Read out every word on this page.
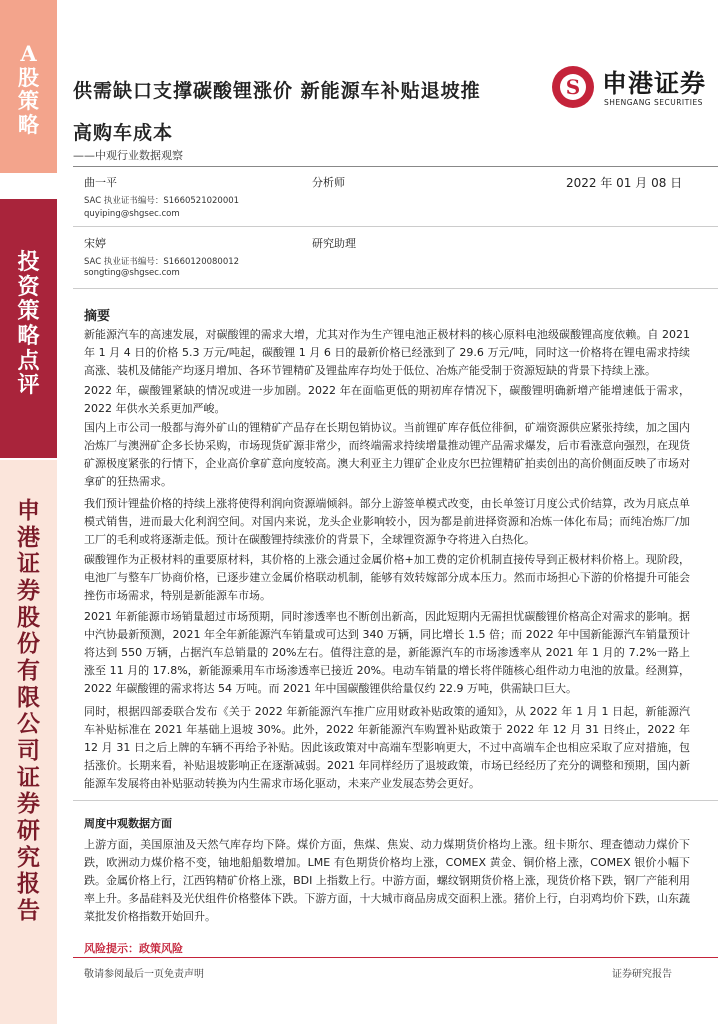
A
股
策
略
投
资
策
略
点
评
申
港
证
券
股
份
有
限
公
司
证
券
研
究
报
告
供需缺口支撑碳酸锂涨价 新能源车补贴退坡推
高购车成本
——中观行业数据观察
S 申港证券
SHENGANG SECURITIES
曲一平	分析师	2022 年 01 月 08 日
SAC 执业证书编号：S1660521020001
quyiping@shgsec.com
宋婷	研究助理
SAC 执业证书编号：S1660120080012
songting@shgsec.com
摘要

新能源汽车的高速发展，对碳酸锂的需求大增，尤其对作为生产锂电池正极材料的核心原料电池级碳酸锂高度依赖。自 2021 年 1 月 4 日的价格 5.3 万元/吨起，碳酸锂 1 月 6 日的最新价格已经涨到了 29.6 万元/吨，同时这一价格将在锂电需求持续高涨、装机及储能产均逐月增加、各环节锂精矿及锂盐库存均处于低位、冶炼产能受制于资源短缺的背景下持续上涨。

2022 年，碳酸锂紧缺的情况或进一步加剧。2022 年在面临更低的期初库存情况下，碳酸锂明确新增产能增速低于需求，2022 年供水关系更加严峻。

国内上市公司一般都与海外矿山的锂精矿产品存在长期包销协议。当前锂矿库存低位徘徊，矿端资源供应紧张持续，加之国内冶炼厂与澳洲矿企多长协采购，市场现货矿源非常少，而终端需求持续增量推动锂产品需求爆发，后市看涨意向强烈，在现货矿源极度紧张的行情下，企业高价拿矿意向度较高。澳大利亚主力锂矿企业皮尔巴拉锂精矿拍卖创出的高价侧面反映了市场对拿矿的狂热需求。

我们预计锂盐价格的持续上涨将使得利润向资源端倾斜。部分上游签单模式改变，由长单签订月度公式价结算，改为月底点单模式销售，进而最大化利润空间。对国内来说，龙头企业影响较小，因为都是前进择资源和冶炼一体化布局；而纯冶炼厂/加工厂的毛利或将逐渐走低。预计在碳酸锂持续涨价的背景下，全球锂资源争夺将进入白热化。

碳酸锂作为正极材料的重要原材料，其价格的上涨会通过金属价格+加工费的定价机制直接传导到正极材料价格上。现阶段，电池厂与整车厂协商价格，已逐步建立金属价格联动机制，能够有效转嫁部分成本压力。然而市场担心下游的价格提升可能会挫伤市场需求，特别是新能源车市场。

2021 年新能源市场销量超过市场预期，同时渗透率也不断创出新高，因此短期内无需担忧碳酸锂价格高企对需求的影响。据中汽协最新预测，2021 年全年新能源汽车销量或可达到 340 万辆，同比增长 1.5 倍；而 2022 年中国新能源汽车销量预计将达到 550 万辆，占据汽车总销量的 20%左右。值得注意的是，新能源汽车的市场渗透率从 2021 年 1 月的 7.2%一路上涨至 11 月的 17.8%，新能源乘用车市场渗透率已接近 20%。电动车销量的增长将伴随核心组件动力电池的放量。经测算，2022 年碳酸锂的需求将达 54 万吨。而 2021 年中国碳酸锂供给量仅约 22.9 万吨，供需缺口巨大。

同时，根据四部委联合发布《关于 2022 年新能源汽车推广应用财政补贴政策的通知》，从 2022 年 1 月 1 日起，新能源汽车补贴标准在 2021 年基础上退坡 30%。此外，2022 年新能源汽车购置补贴政策于 2022 年 12 月 31 日终止，2022 年 12 月 31 日之后上牌的车辆不再给予补贴。因此该政策对中高端车型影响更大，不过中高端车企也相应采取了应对措施，包括涨价。长期来看，补贴退坡影响正在逐渐减弱。2021 年同样经历了退坡政策，市场已经经历了充分的调整和预期，国内新能源车发展将由补贴驱动转换为内生需求市场化驱动，未来产业发展态势会更好。

周度中观数据方面

上游方面，美国原油及天然气库存均下降。煤价方面，焦煤、焦炭、动力煤期货价格均上涨。纽卡斯尔、理查德动力煤价下跌，欧洲动力煤价格不变，铀地船船数增加。LME 有色期货价格均上涨，COMEX 黄金、铜价格上涨，COMEX 银价小幅下跌。金属价格上行，江西钨精矿价格上涨，BDI 上指数上行。中游方面，螺纹钢期货价格上涨，现货价格下跌，钢厂产能利用率上升。多晶硅料及光伏组件价格整体下跌。下游方面，十大城市商品房成交面积上涨。猪价上行，白羽鸡均价下跌，山东蔬菜批发价格指数开始回升。

风险提示：政策风险
敬请参阅最后一页免责声明	证券研究报告
